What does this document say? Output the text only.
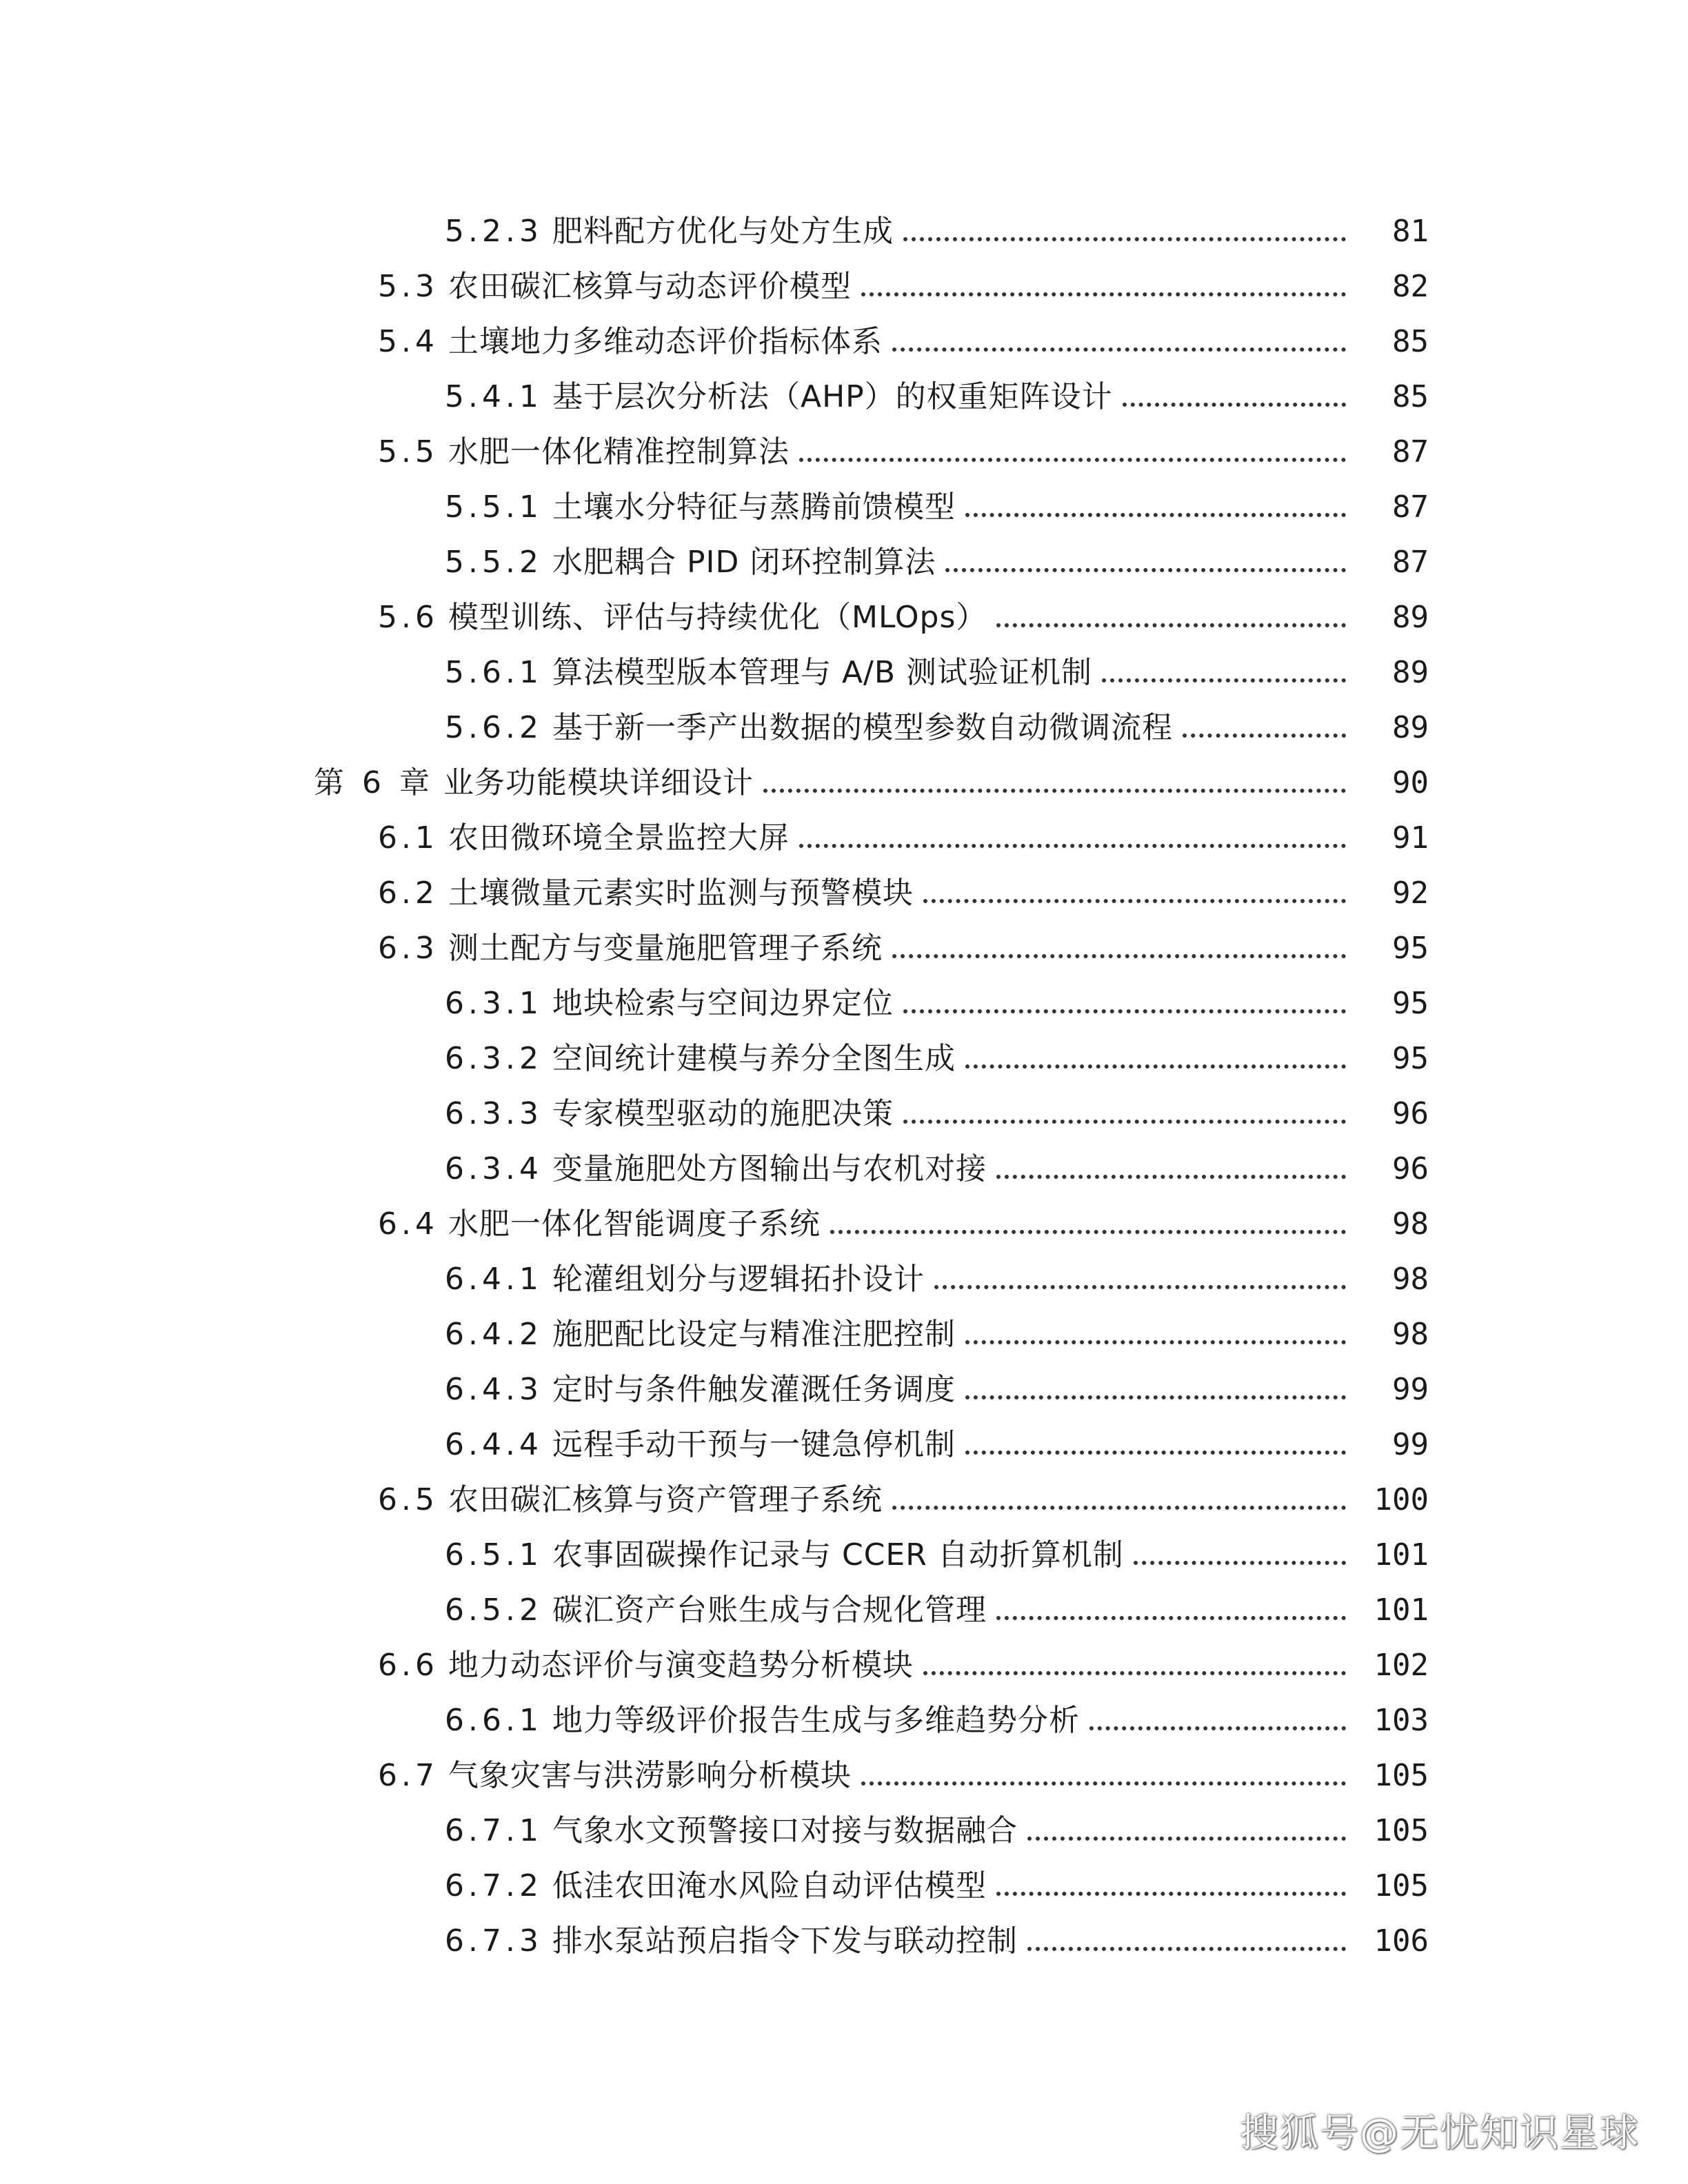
5.2.3 肥料配方优化与处方生成	81
5.3 农田碳汇核算与动态评价模型	82
5.4 土壤地力多维动态评价指标体系	85
5.4.1 基于层次分析法（AHP）的权重矩阵设计	85
5.5 水肥一体化精准控制算法	87
5.5.1 土壤水分特征与蒸腾前馈模型	87
5.5.2 水肥耦合 PID 闭环控制算法	87
5.6 模型训练、评估与持续优化（MLOps）	89
5.6.1 算法模型版本管理与 A/B 测试验证机制	89
5.6.2 基于新一季产出数据的模型参数自动微调流程	89
第 6 章 业务功能模块详细设计	90
6.1 农田微环境全景监控大屏	91
6.2 土壤微量元素实时监测与预警模块	92
6.3 测土配方与变量施肥管理子系统	95
6.3.1 地块检索与空间边界定位	95
6.3.2 空间统计建模与养分全图生成	95
6.3.3 专家模型驱动的施肥决策	96
6.3.4 变量施肥处方图输出与农机对接	96
6.4 水肥一体化智能调度子系统	98
6.4.1 轮灌组划分与逻辑拓扑设计	98
6.4.2 施肥配比设定与精准注肥控制	98
6.4.3 定时与条件触发灌溉任务调度	99
6.4.4 远程手动干预与一键急停机制	99
6.5 农田碳汇核算与资产管理子系统	100
6.5.1 农事固碳操作记录与 CCER 自动折算机制	101
6.5.2 碳汇资产台账生成与合规化管理	101
6.6 地力动态评价与演变趋势分析模块	102
6.6.1 地力等级评价报告生成与多维趋势分析	103
6.7 气象灾害与洪涝影响分析模块	105
6.7.1 气象水文预警接口对接与数据融合	105
6.7.2 低洼农田淹水风险自动评估模型	105
6.7.3 排水泵站预启指令下发与联动控制	106
搜狐号@无忧知识星球
